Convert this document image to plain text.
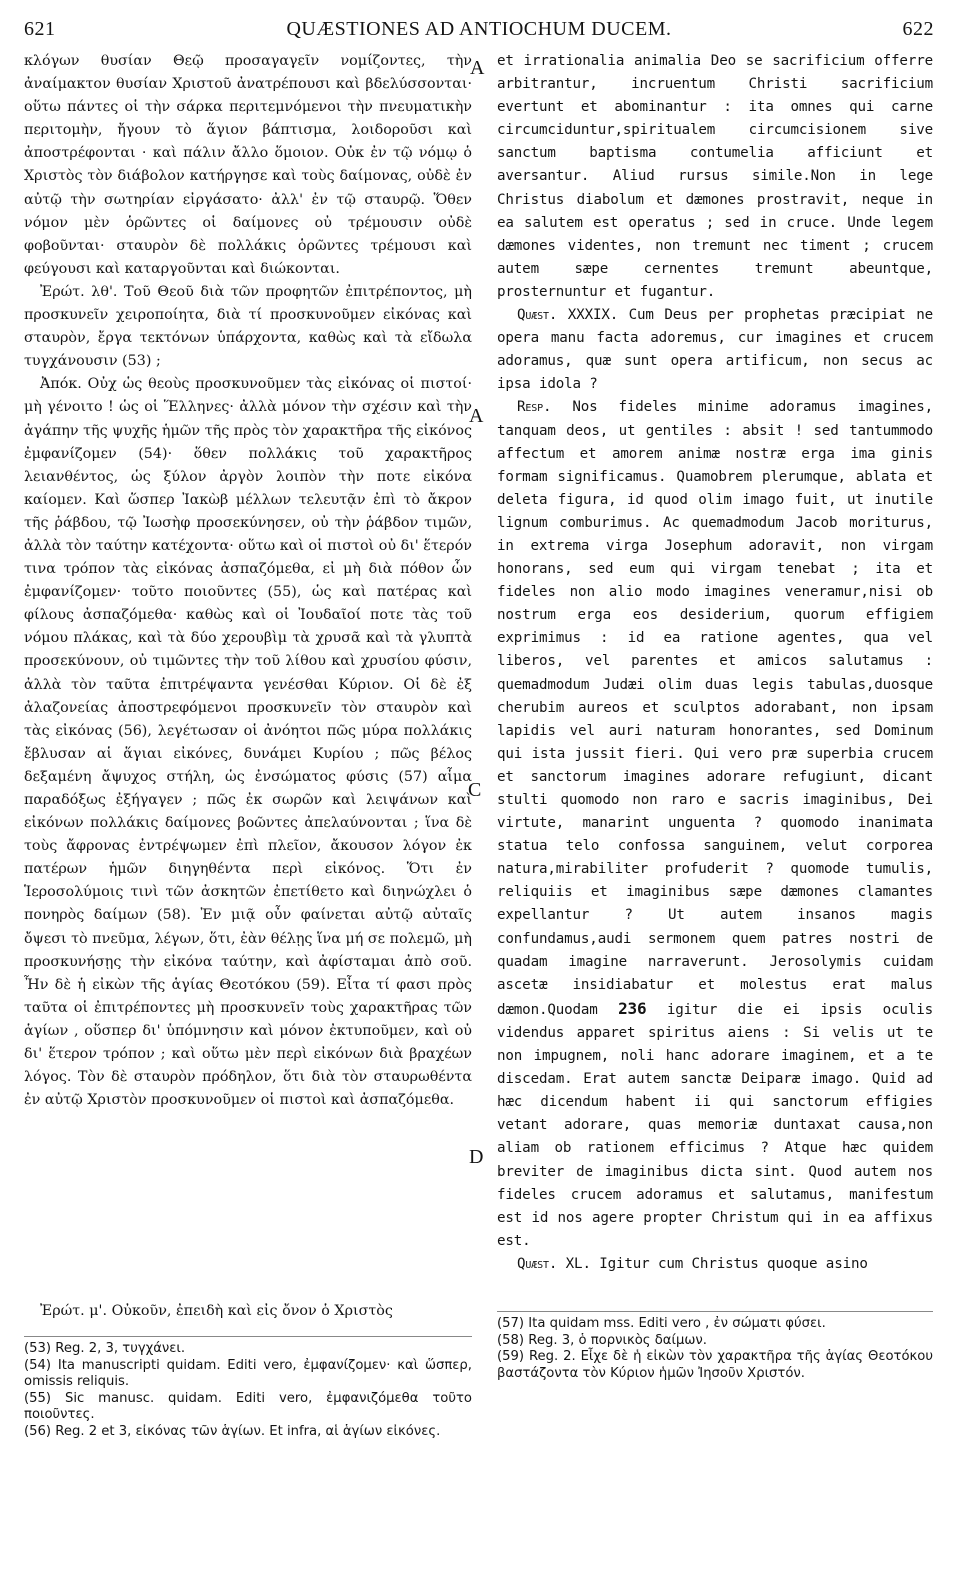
621	QUÆSTIONES AD ANTIOCHUM DUCEM.	622

κλόγων θυσίαν Θεῷ προσαγαγεῖν νομίζοντες, τὴν ἀναίμακτον θυσίαν Χριστοῦ ἀνατρέπουσι καὶ βδελύσσονται· οὕτω πάντες οἱ τὴν σάρκα περιτεμνόμενοι τὴν πνευματικὴν περιτομὴν, ἤγουν τὸ ἅγιον βάπτισμα, λοιδοροῦσι καὶ ἀποστρέφονται · καὶ πάλιν ἄλλο ὅμοιον. Οὐκ ἐν τῷ νόμῳ ὁ Χριστὸς τὸν διάβολον κατήργησε καὶ τοὺς δαίμονας, οὐδὲ ἐν αὐτῷ τὴν σωτηρίαν εἰργάσατο· ἀλλ' ἐν τῷ σταυρῷ. Ὅθεν νόμον μὲν ὁρῶντες οἱ δαίμονες οὐ τρέμουσιν οὐδὲ φοβοῦνται· σταυρὸν δὲ πολλάκις ὁρῶντες τρέμουσι καὶ φεύγουσι καὶ καταργοῦνται καὶ διώκονται.

Ἐρώτ. λθ'. Τοῦ Θεοῦ διὰ τῶν προφητῶν ἐπιτρέποντος, μὴ προσκυνεῖν χειροποίητα, διὰ τί προσκυνοῦμεν εἰκόνας καὶ σταυρὸν, ἔργα τεκτόνων ὑπάρχοντα, καθὼς καὶ τὰ εἴδωλα τυγχάνουσιν (53) ;

Ἀπόκ. Οὐχ ὡς θεοὺς προσκυνοῦμεν τὰς εἰκόνας οἱ πιστοί· μὴ γένοιτο ! ὡς οἱ Ἕλληνες· ἀλλὰ μόνον τὴν σχέσιν καὶ τὴν ἀγάπην τῆς ψυχῆς ἡμῶν τῆς πρὸς τὸν χαρακτῆρα τῆς εἰκόνος ἐμφανίζομεν (54)· ὅθεν πολλάκις τοῦ χαρακτῆρος λειανθέντος, ὡς ξύλον ἀργὸν λοιπὸν τὴν ποτε εἰκόνα καίομεν. Καὶ ὥσπερ Ἰακὼβ μέλλων τελευτᾷν ἐπὶ τὸ ἄκρον τῆς ῥάβδου, τῷ Ἰωσὴφ προσεκύνησεν, οὐ τὴν ῥάβδον τιμῶν, ἀλλὰ τὸν ταύτην κατέχοντα· οὕτω καὶ οἱ πιστοὶ οὐ δι' ἕτερόν τινα τρόπον τὰς εἰκόνας ἀσπαζόμεθα, εἰ μὴ διὰ πόθον ὧν ἐμφανίζομεν· τοῦτο ποιοῦντες (55), ὡς καὶ πατέρας καὶ φίλους ἀσπαζόμεθα· καθὼς καὶ οἱ Ἰουδαῖοί ποτε τὰς τοῦ νόμου πλάκας, καὶ τὰ δύο χερουβὶμ τὰ χρυσᾶ καὶ τὰ γλυπτὰ προσεκύνουν, οὐ τιμῶντες τὴν τοῦ λίθου καὶ χρυσίου φύσιν, ἀλλὰ τὸν ταῦτα ἐπιτρέψαντα γενέσθαι Κύριον. Οἱ δὲ ἐξ ἀλαζονείας ἀποστρεφόμενοι προσκυνεῖν τὸν σταυρὸν καὶ τὰς εἰκόνας (56), λεγέτωσαν οἱ ἀνόητοι πῶς μύρα πολλάκις ἔβλυσαν αἱ ἅγιαι εἰκόνες, δυνάμει Κυρίου ; πῶς βέλος δεξαμένη ἄψυχος στήλη, ὡς ἐνσώματος φύσις (57) αἷμα παραδόξως ἐξήγαγεν ; πῶς ἐκ σωρῶν καὶ λειψάνων καὶ εἰκόνων πολλάκις δαίμονες βοῶντες ἀπελαύνονται ; ἵνα δὲ τοὺς ἄφρονας ἐντρέψωμεν ἐπὶ πλεῖον, ἄκουσον λόγον ἐκ πατέρων ἡμῶν διηγηθέντα περὶ εἰκόνος. Ὅτι ἐν Ἱεροσολύμοις τινὶ τῶν ἀσκητῶν ἐπετίθετο καὶ διηνώχλει ὁ πονηρὸς δαίμων (58). Ἐν μιᾷ οὖν φαίνεται αὐτῷ αὐταῖς ὄψεσι τὸ πνεῦμα, λέγων, ὅτι, ἐὰν θέλῃς ἵνα μή σε πολεμῶ, μὴ προσκυνήσῃς τὴν εἰκόνα ταύτην, καὶ ἀφίσταμαι ἀπὸ σοῦ. Ἦν δὲ ἡ εἰκὼν τῆς ἁγίας Θεοτόκου (59). Εἶτα τί φασι πρὸς ταῦτα οἱ ἐπιτρέποντες μὴ προσκυνεῖν τοὺς χαρακτῆρας τῶν ἁγίων , οὕσπερ δι' ὑπόμνησιν καὶ μόνον ἐκτυποῦμεν, καὶ οὐ δι' ἕτερον τρόπον ; καὶ οὕτω μὲν περὶ εἰκόνων διὰ βραχέων λόγος. Τὸν δὲ σταυρὸν πρόδηλον, ὅτι διὰ τὸν σταυρωθέντα ἐν αὐτῷ Χριστὸν προσκυνοῦμεν οἱ πιστοὶ καὶ ἀσπαζόμεθα.

Ἐρώτ. μ'. Οὐκοῦν, ἐπειδὴ καὶ εἰς ὄνον ὁ Χριστὸς

A
A
C
D

et irrationalia animalia Deo se sacrificium offerre arbitrantur, incruentum Christi sacrificium evertunt et abominantur : ita omnes qui carne circumciduntur,spiritualem circumcisionem sive sanctum baptisma contumelia afficiunt et aversantur. Aliud rursus simile.Non in lege Christus diabolum et dæmones prostravit, neque in ea salutem est operatus ; sed in cruce. Unde legem dæmones videntes, non tremunt nec timent ; crucem autem sæpe cernentes tremunt abeuntque, prosternuntur et fugantur.

Quæst. XXXIX. Cum Deus per prophetas præcipiat ne opera manu facta adoremus, cur imagines et crucem adoramus, quæ sunt opera artificum, non secus ac ipsa idola ?

Resp. Nos fideles minime adoramus imagines, tanquam deos, ut gentiles : absit ! sed tantummodo affectum et amorem animæ nostræ erga ima ginis formam significamus. Quamobrem plerumque, ablata et deleta figura, id quod olim imago fuit, ut inutile lignum comburimus. Ac quemadmodum Jacob moriturus, in extrema virga Josephum adoravit, non virgam honorans, sed eum qui virgam tenebat ; ita et fideles non alio modo imagines veneramur,nisi ob nostrum erga eos desiderium, quorum effigiem exprimimus : id ea ratione agentes, qua vel liberos, vel parentes et amicos salutamus : quemadmodum Judæi olim duas legis tabulas,duosque cherubim aureos et sculptos adorabant, non ipsam lapidis vel auri naturam honorantes, sed Dominum qui ista jussit fieri. Qui vero præ superbia crucem et sanctorum imagines adorare refugiunt, dicant stulti quomodo non raro e sacris imaginibus, Dei virtute, manarint unguenta ? quomodo inanimata statua telo confossa sanguinem, velut corporea natura,mirabiliter profuderit ? quomode tumulis, reliquiis et imaginibus sæpe dæmones clamantes expellantur ? Ut autem insanos magis confundamus,audi sermonem quem patres nostri de quadam imagine narraverunt. Jerosolymis cuidam ascetæ insidiabatur et molestus erat malus dæmon.Quodam 236 igitur die ei ipsis oculis videndus apparet spiritus aiens : Si velis ut te non impugnem, noli hanc adorare imaginem, et a te discedam. Erat autem sanctæ Deiparæ imago. Quid ad hæc dicendum habent ii qui sanctorum effigies vetant adorare, quas memoriæ duntaxat causa,non aliam ob rationem efficimus ? Atque hæc quidem breviter de imaginibus dicta sint. Quod autem nos fideles crucem adoramus et salutamus, manifestum est id nos agere propter Christum qui in ea affixus est.

Quæst. XL. Igitur cum Christus quoque asino

(53) Reg. 2, 3, τυγχάνει.

(54) Ita manuscripti quidam. Editi vero, ἐμφανίζομεν· καὶ ὥσπερ, omissis reliquis.

(55) Sic manusc. quidam. Editi vero, ἐμφανιζόμεθα τοῦτο ποιοῦντες.

(56) Reg. 2 et 3, εἰκόνας τῶν ἁγίων. Et infra, αἱ ἁγίων εἰκόνες.

(57) Ita quidam mss. Editi vero , ἐν σώματι φύσει.

(58) Reg. 3, ὁ πορνικὸς δαίμων.

(59) Reg. 2. Εἶχε δὲ ἡ εἰκὼν τὸν χαρακτῆρα τῆς ἁγίας Θεοτόκου βαστάζοντα τὸν Κύριον ἡμῶν Ἰησοῦν Χριστόν.
